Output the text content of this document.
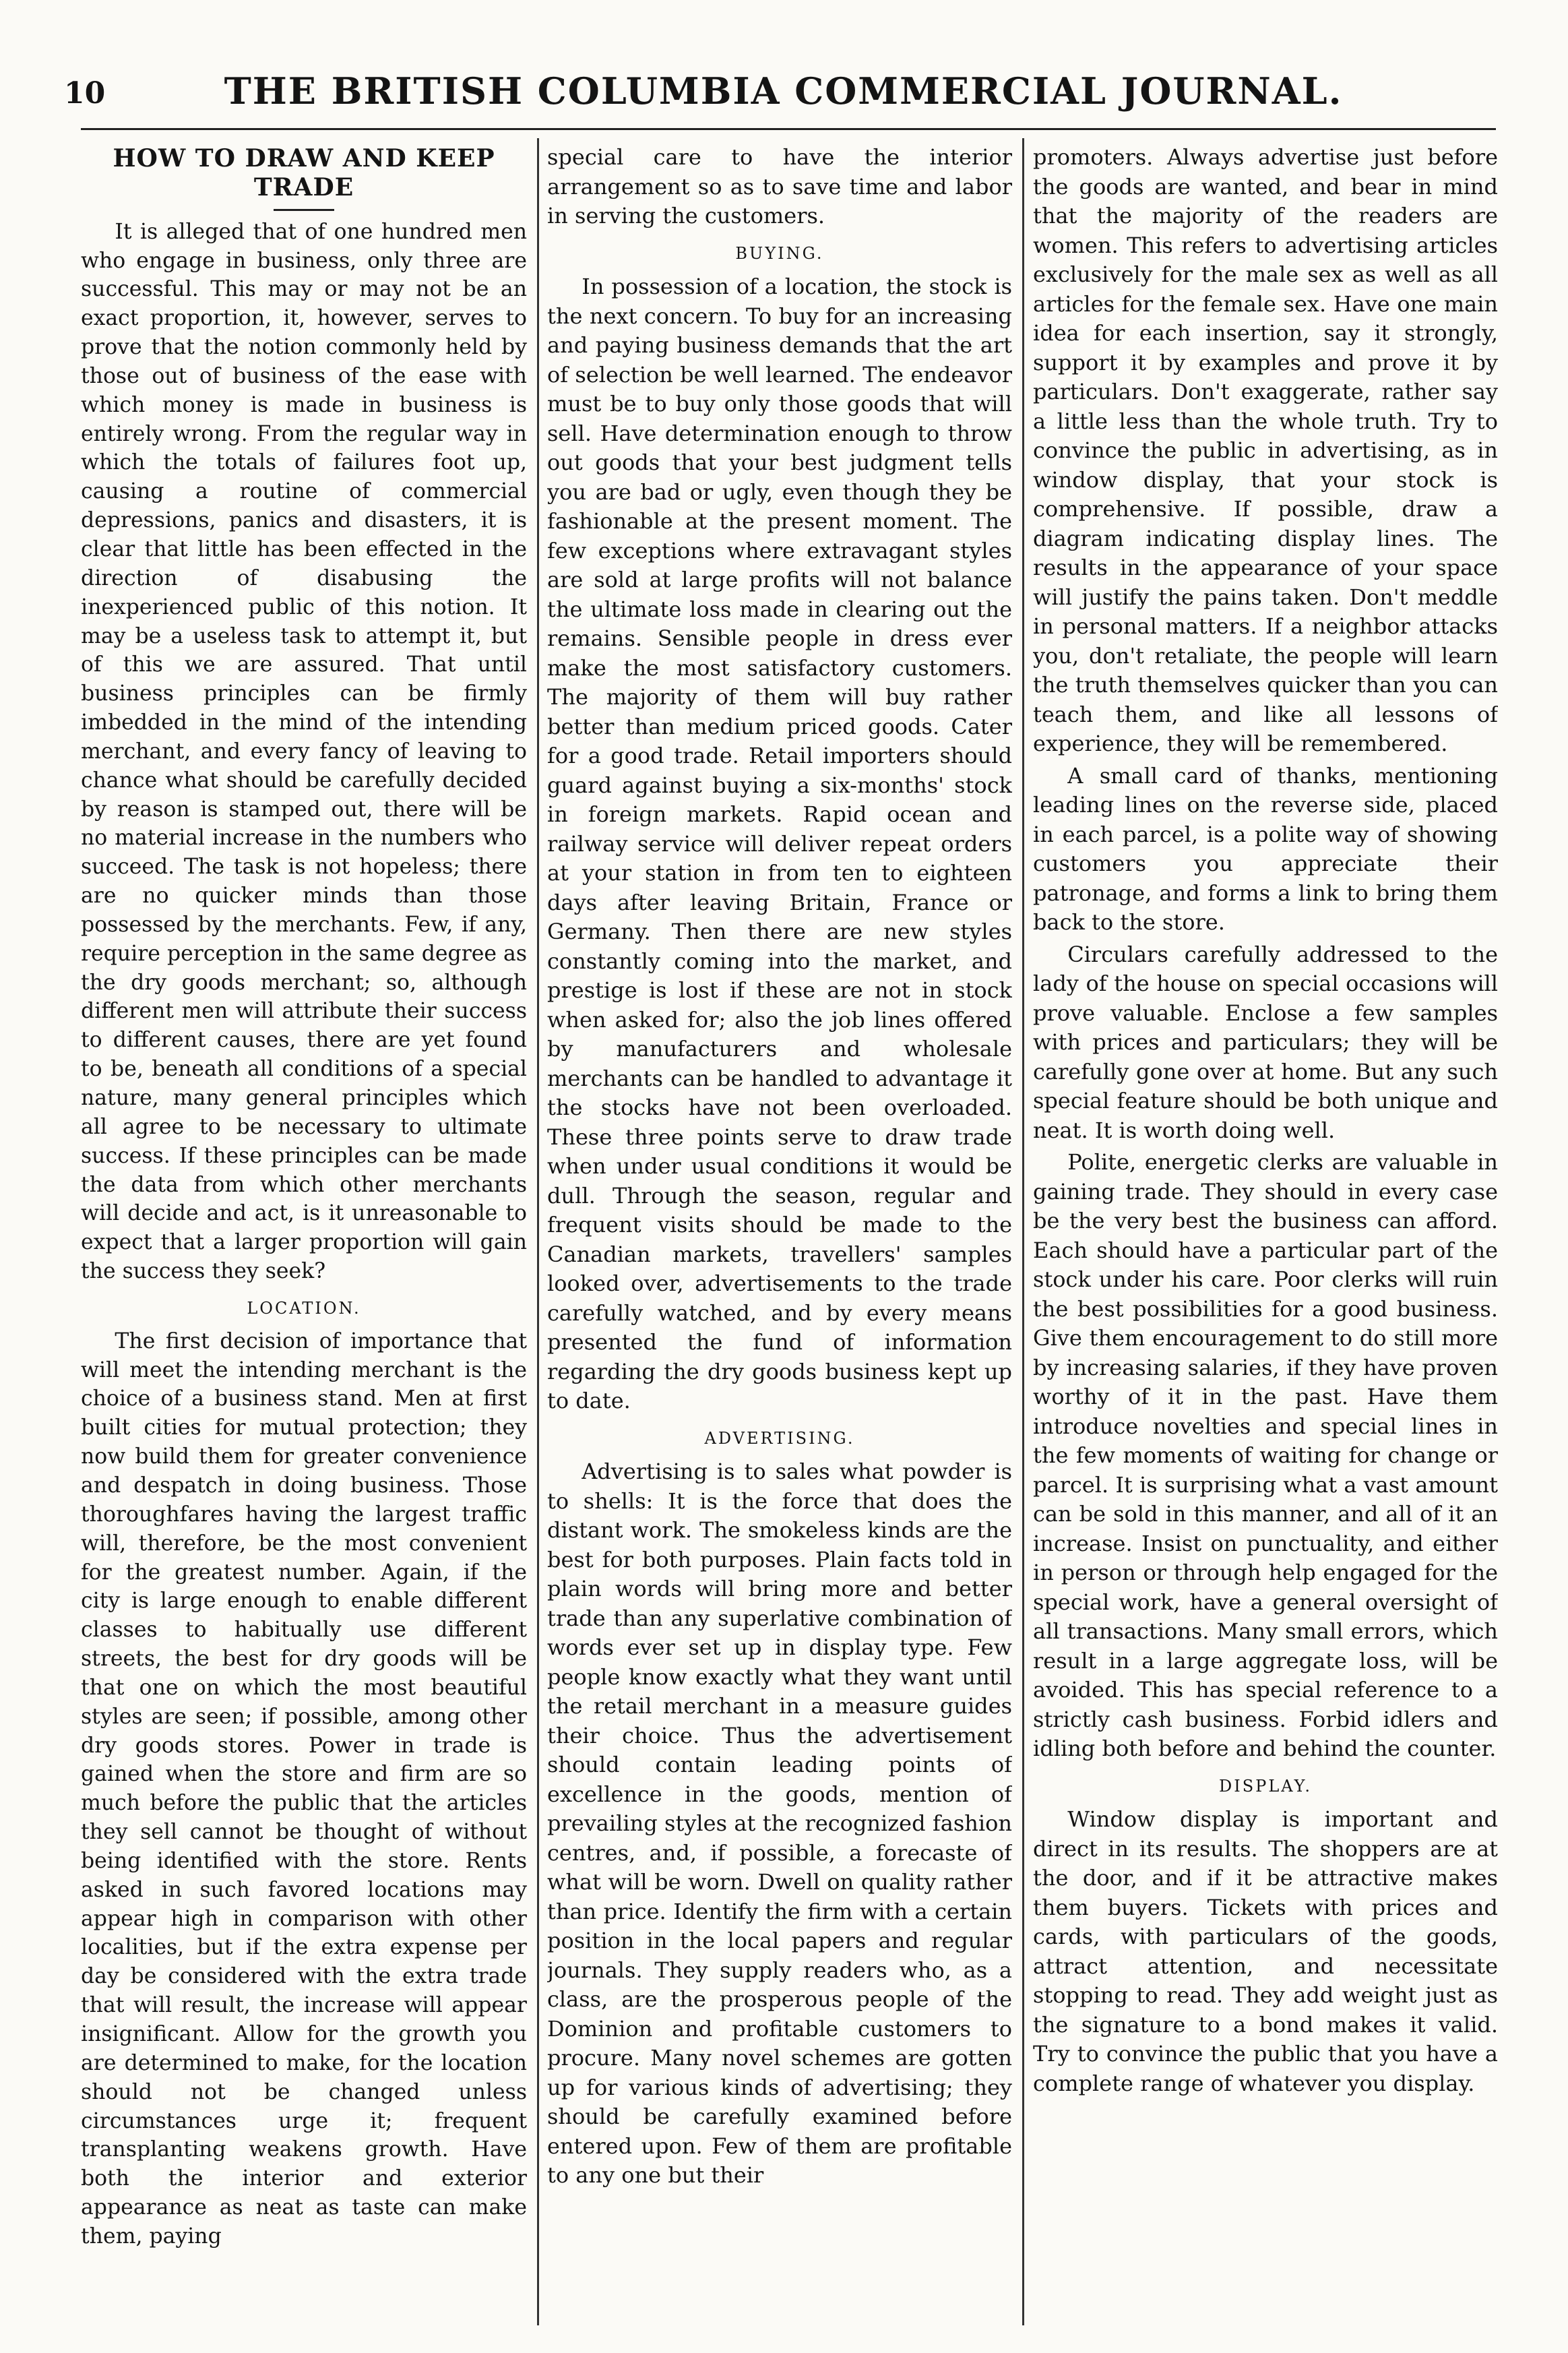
10	THE BRITISH COLUMBIA COMMERCIAL JOURNAL.
HOW TO DRAW AND KEEP TRADE

It is alleged that of one hundred men who engage in business, only three are successful. This may or may not be an exact proportion, it, however, serves to prove that the notion commonly held by those out of business of the ease with which money is made in business is entirely wrong. From the regular way in which the totals of failures foot up, causing a routine of commercial depressions, panics and disasters, it is clear that little has been effected in the direction of disabusing the inexperienced public of this notion. It may be a useless task to attempt it, but of this we are assured. That until business principles can be firmly imbedded in the mind of the intending merchant, and every fancy of leaving to chance what should be carefully decided by reason is stamped out, there will be no material increase in the numbers who succeed. The task is not hopeless; there are no quicker minds than those possessed by the merchants. Few, if any, require perception in the same degree as the dry goods merchant; so, although different men will attribute their success to different causes, there are yet found to be, beneath all conditions of a special nature, many general principles which all agree to be necessary to ultimate success. If these principles can be made the data from which other merchants will decide and act, is it unreasonable to expect that a larger proportion will gain the success they seek?

LOCATION.

The first decision of importance that will meet the intending merchant is the choice of a business stand. Men at first built cities for mutual protection; they now build them for greater convenience and despatch in doing business. Those thoroughfares having the largest traffic will, therefore, be the most convenient for the greatest number. Again, if the city is large enough to enable different classes to habitually use different streets, the best for dry goods will be that one on which the most beautiful styles are seen; if possible, among other dry goods stores. Power in trade is gained when the store and firm are so much before the public that the articles they sell cannot be thought of without being identified with the store. Rents asked in such favored locations may appear high in comparison with other localities, but if the extra expense per day be considered with the extra trade that will result, the increase will appear insignificant. Allow for the growth you are determined to make, for the location should not be changed unless circumstances urge it; frequent transplanting weakens growth. Have both the interior and exterior appearance as neat as taste can make them, paying

special care to have the interior arrangement so as to save time and labor in serving the customers.

BUYING.

In possession of a location, the stock is the next concern. To buy for an increasing and paying business demands that the art of selection be well learned. The endeavor must be to buy only those goods that will sell. Have determination enough to throw out goods that your best judgment tells you are bad or ugly, even though they be fashionable at the present moment. The few exceptions where extravagant styles are sold at large profits will not balance the ultimate loss made in clearing out the remains. Sensible people in dress ever make the most satisfactory customers. The majority of them will buy rather better than medium priced goods. Cater for a good trade. Retail importers should guard against buying a six-months' stock in foreign markets. Rapid ocean and railway service will deliver repeat orders at your station in from ten to eighteen days after leaving Britain, France or Germany. Then there are new styles constantly coming into the market, and prestige is lost if these are not in stock when asked for; also the job lines offered by manufacturers and wholesale merchants can be handled to advantage it the stocks have not been overloaded. These three points serve to draw trade when under usual conditions it would be dull. Through the season, regular and frequent visits should be made to the Canadian markets, travellers' samples looked over, advertisements to the trade carefully watched, and by every means presented the fund of information regarding the dry goods business kept up to date.

ADVERTISING.

Advertising is to sales what powder is to shells: It is the force that does the distant work. The smokeless kinds are the best for both purposes. Plain facts told in plain words will bring more and better trade than any superlative combination of words ever set up in display type. Few people know exactly what they want until the retail merchant in a measure guides their choice. Thus the advertisement should contain leading points of excellence in the goods, mention of prevailing styles at the recognized fashion centres, and, if possible, a forecaste of what will be worn. Dwell on quality rather than price. Identify the firm with a certain position in the local papers and regular journals. They supply readers who, as a class, are the prosperous people of the Dominion and profitable customers to procure. Many novel schemes are gotten up for various kinds of advertising; they should be carefully examined before entered upon. Few of them are profitable to any one but their

promoters. Always advertise just before the goods are wanted, and bear in mind that the majority of the readers are women. This refers to advertising articles exclusively for the male sex as well as all articles for the female sex. Have one main idea for each insertion, say it strongly, support it by examples and prove it by particulars. Don't exaggerate, rather say a little less than the whole truth. Try to convince the public in advertising, as in window display, that your stock is comprehensive. If possible, draw a diagram indicating display lines. The results in the appearance of your space will justify the pains taken. Don't meddle in personal matters. If a neighbor attacks you, don't retaliate, the people will learn the truth themselves quicker than you can teach them, and like all lessons of experience, they will be remembered.

A small card of thanks, mentioning leading lines on the reverse side, placed in each parcel, is a polite way of showing customers you appreciate their patronage, and forms a link to bring them back to the store.

Circulars carefully addressed to the lady of the house on special occasions will prove valuable. Enclose a few samples with prices and particulars; they will be carefully gone over at home. But any such special feature should be both unique and neat. It is worth doing well.

Polite, energetic clerks are valuable in gaining trade. They should in every case be the very best the business can afford. Each should have a particular part of the stock under his care. Poor clerks will ruin the best possibilities for a good business. Give them encouragement to do still more by increasing salaries, if they have proven worthy of it in the past. Have them introduce novelties and special lines in the few moments of waiting for change or parcel. It is surprising what a vast amount can be sold in this manner, and all of it an increase. Insist on punctuality, and either in person or through help engaged for the special work, have a general oversight of all transactions. Many small errors, which result in a large aggregate loss, will be avoided. This has special reference to a strictly cash business. Forbid idlers and idling both before and behind the counter.

DISPLAY.

Window display is important and direct in its results. The shoppers are at the door, and if it be attractive makes them buyers. Tickets with prices and cards, with particulars of the goods, attract attention, and necessitate stopping to read. They add weight just as the signature to a bond makes it valid. Try to convince the public that you have a complete range of whatever you display.
